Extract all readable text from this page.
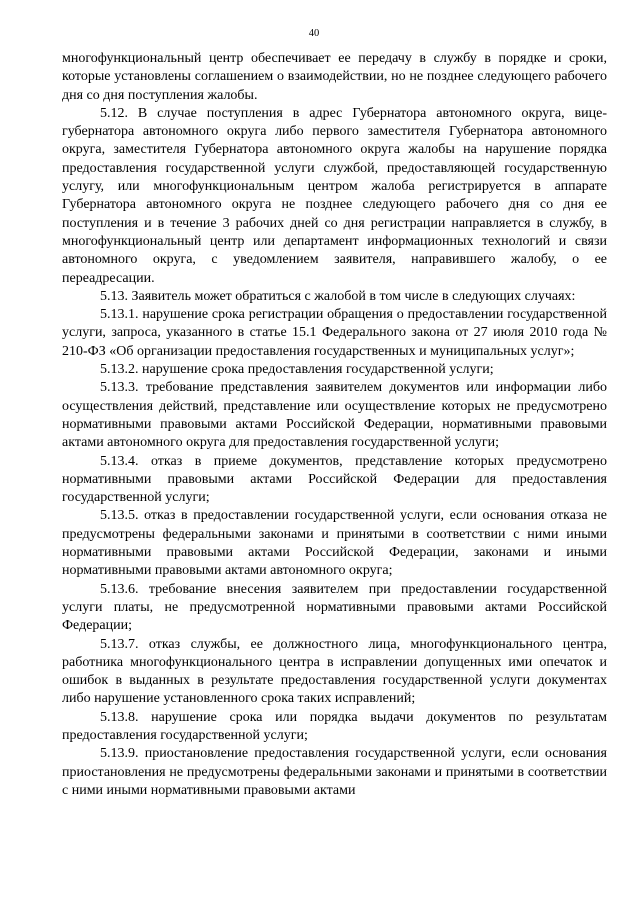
40

многофункциональный центр обеспечивает ее передачу в службу в порядке и сроки, которые установлены соглашением о взаимодействии, но не позднее следующего рабочего дня со дня поступления жалобы.

5.12. В случае поступления в адрес Губернатора автономного округа, вице-губернатора автономного округа либо первого заместителя Губернатора автономного округа, заместителя Губернатора автономного округа жалобы на нарушение порядка предоставления государственной услуги службой, предоставляющей государственную услугу, или многофункциональным центром жалоба регистрируется в аппарате Губернатора автономного округа не позднее следующего рабочего дня со дня ее поступления и в течение 3 рабочих дней со дня регистрации направляется в службу, в многофункциональный центр или департамент информационных технологий и связи автономного округа, с уведомлением заявителя, направившего жалобу, о ее переадресации.

5.13. Заявитель может обратиться с жалобой в том числе в следующих случаях:

5.13.1. нарушение срока регистрации обращения о предоставлении государственной услуги, запроса, указанного в статье 15.1 Федерального закона от 27 июля 2010 года № 210-ФЗ «Об организации предоставления государственных и муниципальных услуг»;

5.13.2. нарушение срока предоставления государственной услуги;

5.13.3. требование представления заявителем документов или информации либо осуществления действий, представление или осуществление которых не предусмотрено нормативными правовыми актами Российской Федерации, нормативными правовыми актами автономного округа для предоставления государственной услуги;

5.13.4. отказ в приеме документов, представление которых предусмотрено нормативными правовыми актами Российской Федерации для предоставления государственной услуги;

5.13.5. отказ в предоставлении государственной услуги, если основания отказа не предусмотрены федеральными законами и принятыми в соответствии с ними иными нормативными правовыми актами Российской Федерации, законами и иными нормативными правовыми актами автономного округа;

5.13.6. требование внесения заявителем при предоставлении государственной услуги платы, не предусмотренной нормативными правовыми актами Российской Федерации;

5.13.7. отказ службы, ее должностного лица, многофункционального центра, работника многофункционального центра в исправлении допущенных ими опечаток и ошибок в выданных в результате предоставления государственной услуги документах либо нарушение установленного срока таких исправлений;

5.13.8. нарушение срока или порядка выдачи документов по результатам предоставления государственной услуги;

5.13.9. приостановление предоставления государственной услуги, если основания приостановления не предусмотрены федеральными законами и принятыми в соответствии с ними иными нормативными правовыми актами
